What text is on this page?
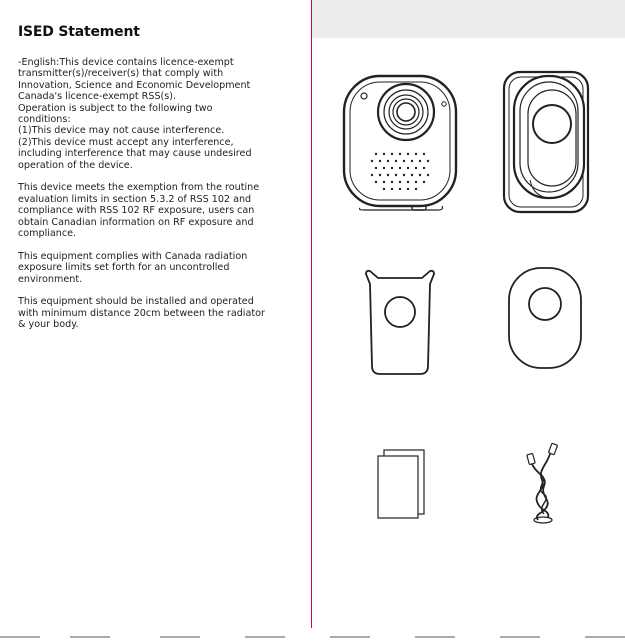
ISED Statement

-English:This device contains licence-exempt
transmitter(s)/receiver(s) that comply with
Innovation, Science and Economic Development
Canada's licence-exempt RSS(s).
Operation is subject to the following two
conditions:
(1)This device may not cause interference.
(2)This device must accept any interference,
including interference that may cause undesired
operation of the device.

This device meets the exemption from the routine
evaluation limits in section 5.3.2 of RSS 102 and
compliance with RSS 102 RF exposure, users can
obtain Canadian information on RF exposure and
compliance.

This equipment complies with Canada radiation
exposure limits set forth for an uncontrolled
environment.

This equipment should be installed and operated
with minimum distance 20cm between the radiator
& your body.
